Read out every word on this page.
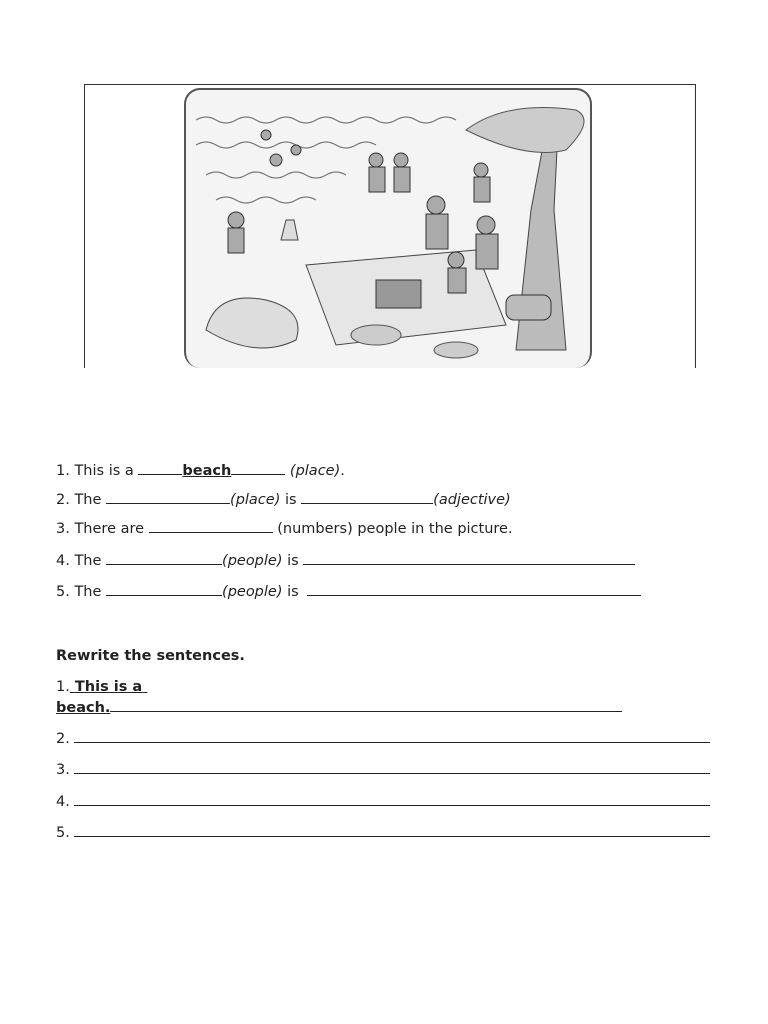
1. This is a	beach	(place).
2. The	(place) is	(adjective)
3. There are	(numbers) people in the picture.
4. The	(people) is
5. The	(people) is
Rewrite the sentences.
1. This is a
beach.
2.
3.
4.
5.
